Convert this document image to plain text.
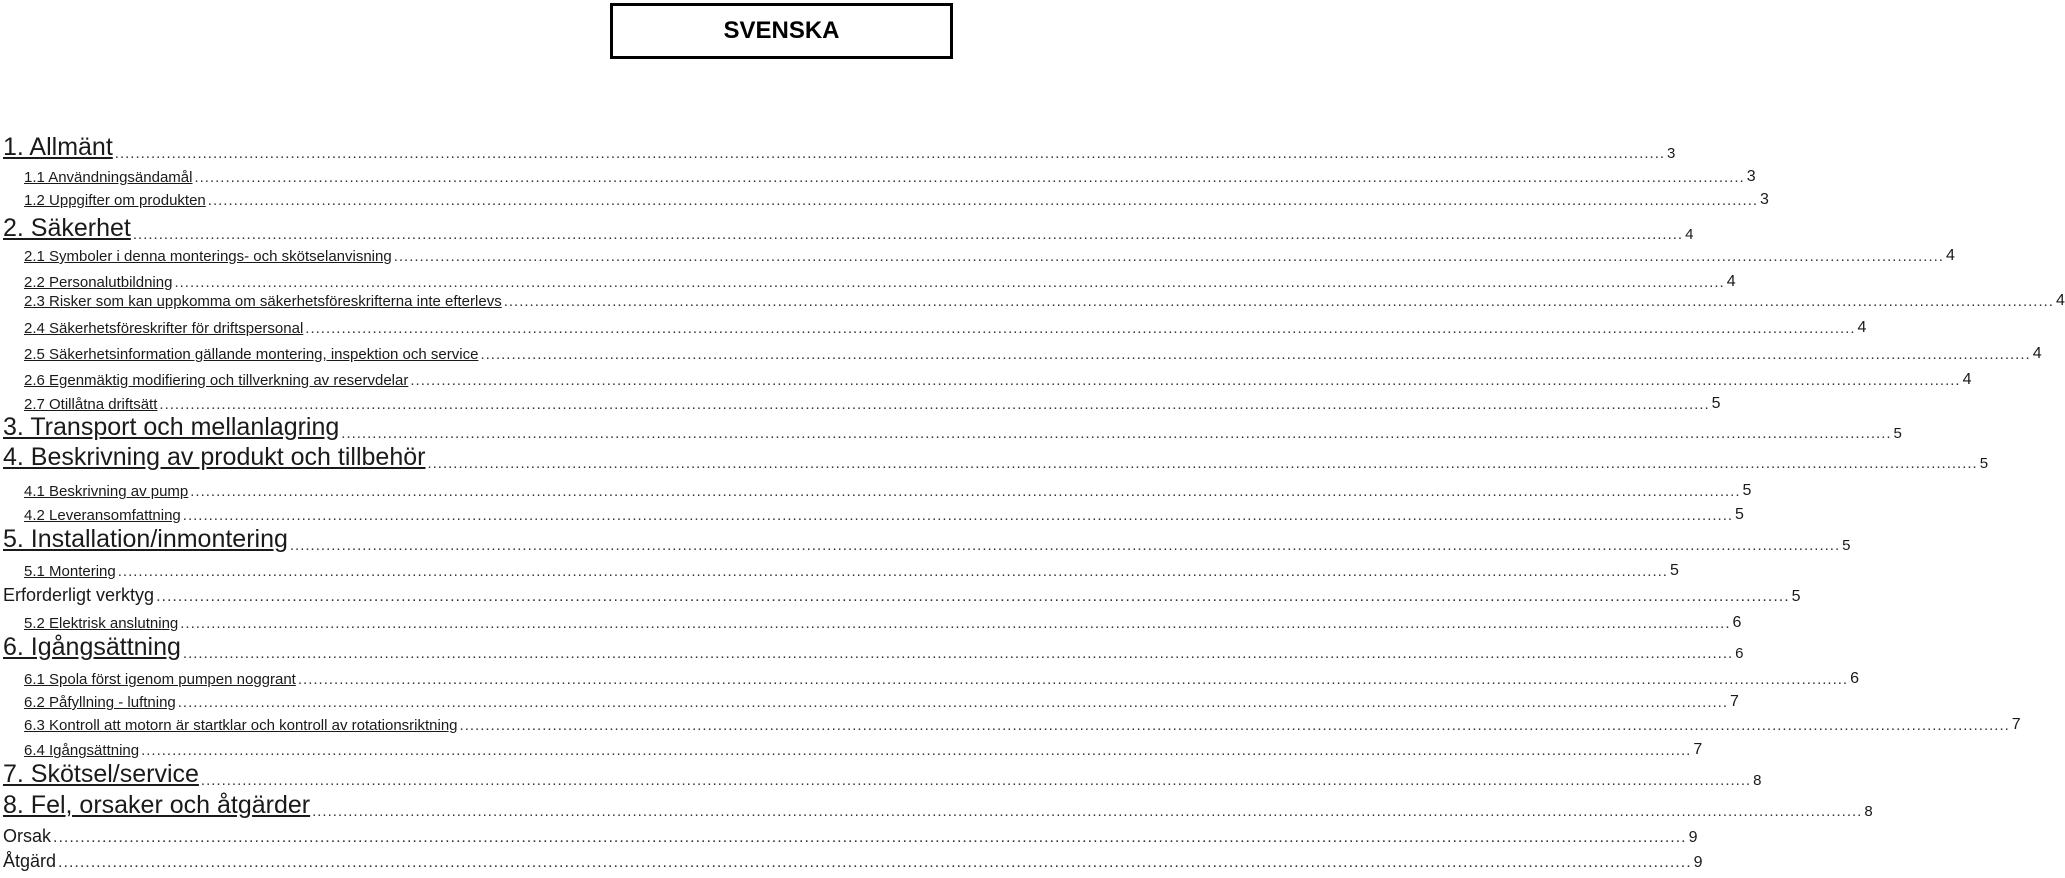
SVENSKA
1. Allmänt ............................................................................................................................................................................................................................................................................................................ 3
1.1 Användningsändamål ............................................................................................................................................................................................................................................................................................................ 3
1.2 Uppgifter om produkten ............................................................................................................................................................................................................................................................................................................ 3
2. Säkerhet ............................................................................................................................................................................................................................................................................................................ 4
2.1 Symboler i denna monterings- och skötselanvisning ............................................................................................................................................................................................................................................................................................................ 4
2.2 Personalutbildning ............................................................................................................................................................................................................................................................................................................ 4
2.3 Risker som kan uppkomma om säkerhetsföreskrifterna inte efterlevs ............................................................................................................................................................................................................................................................................................................ 4
2.4 Säkerhetsföreskrifter för driftspersonal ............................................................................................................................................................................................................................................................................................................ 4
2.5 Säkerhetsinformation gällande montering, inspektion och service ............................................................................................................................................................................................................................................................................................................ 4
2.6 Egenmäktig modifiering och tillverkning av reservdelar ............................................................................................................................................................................................................................................................................................................ 4
2.7 Otillåtna driftsätt ............................................................................................................................................................................................................................................................................................................ 5
3. Transport och mellanlagring ............................................................................................................................................................................................................................................................................................................ 5
4. Beskrivning av produkt och tillbehör ............................................................................................................................................................................................................................................................................................................ 5
4.1 Beskrivning av pump ............................................................................................................................................................................................................................................................................................................ 5
4.2 Leveransomfattning ............................................................................................................................................................................................................................................................................................................ 5
5. Installation/inmontering ............................................................................................................................................................................................................................................................................................................ 5
5.1 Montering ............................................................................................................................................................................................................................................................................................................ 5
Erforderligt verktyg ............................................................................................................................................................................................................................................................................................................ 5
5.2 Elektrisk anslutning ............................................................................................................................................................................................................................................................................................................ 6
6. Igångsättning ............................................................................................................................................................................................................................................................................................................ 6
6.1 Spola först igenom pumpen noggrant ............................................................................................................................................................................................................................................................................................................ 6
6.2 Påfyllning - luftning ............................................................................................................................................................................................................................................................................................................ 7
6.3 Kontroll att motorn är startklar och kontroll av rotationsriktning ............................................................................................................................................................................................................................................................................................................ 7
6.4 Igångsättning ............................................................................................................................................................................................................................................................................................................ 7
7. Skötsel/service ............................................................................................................................................................................................................................................................................................................ 8
8. Fel, orsaker och åtgärder ............................................................................................................................................................................................................................................................................................................ 8
Orsak ............................................................................................................................................................................................................................................................................................................ 9
Åtgärd ............................................................................................................................................................................................................................................................................................................ 9
